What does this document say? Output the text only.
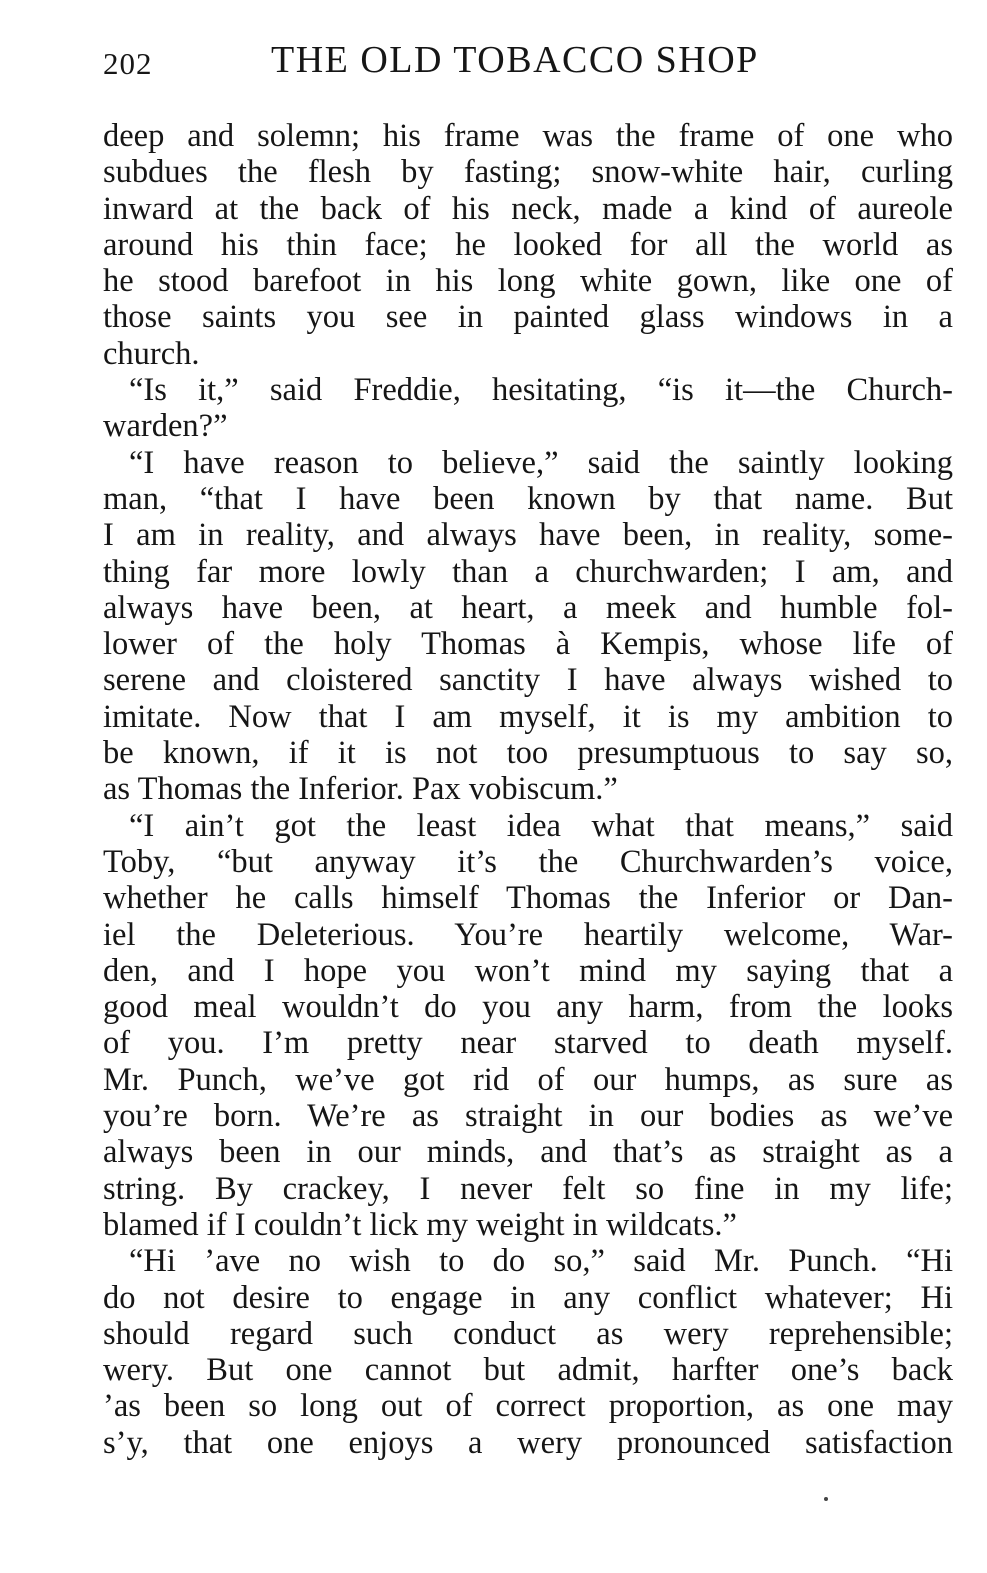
202	THE OLD TOBACCO SHOP
deep and solemn; his frame was the frame of one who
subdues the flesh by fasting; snow-white hair, curling
inward at the back of his neck, made a kind of aureole
around his thin face; he looked for all the world as
he stood barefoot in his long white gown, like one of
those saints you see in painted glass windows in a
church.
“Is it,” said Freddie, hesitating, “is it—the Church-
warden?”
“I have reason to believe,” said the saintly looking
man, “that I have been known by that name. But
I am in reality, and always have been, in reality, some-
thing far more lowly than a churchwarden; I am, and
always have been, at heart, a meek and humble fol-
lower of the holy Thomas à Kempis, whose life of
serene and cloistered sanctity I have always wished to
imitate. Now that I am myself, it is my ambition to
be known, if it is not too presumptuous to say so,
as Thomas the Inferior. Pax vobiscum.”
“I ain’t got the least idea what that means,” said
Toby, “but anyway it’s the Churchwarden’s voice,
whether he calls himself Thomas the Inferior or Dan-
iel the Deleterious. You’re heartily welcome, War-
den, and I hope you won’t mind my saying that a
good meal wouldn’t do you any harm, from the looks
of you. I’m pretty near starved to death myself.
Mr. Punch, we’ve got rid of our humps, as sure as
you’re born. We’re as straight in our bodies as we’ve
always been in our minds, and that’s as straight as a
string. By crackey, I never felt so fine in my life;
blamed if I couldn’t lick my weight in wildcats.”
“Hi ’ave no wish to do so,” said Mr. Punch. “Hi
do not desire to engage in any conflict whatever; Hi
should regard such conduct as wery reprehensible;
wery. But one cannot but admit, harfter one’s back
’as been so long out of correct proportion, as one may
s’y, that one enjoys a wery pronounced satisfaction
